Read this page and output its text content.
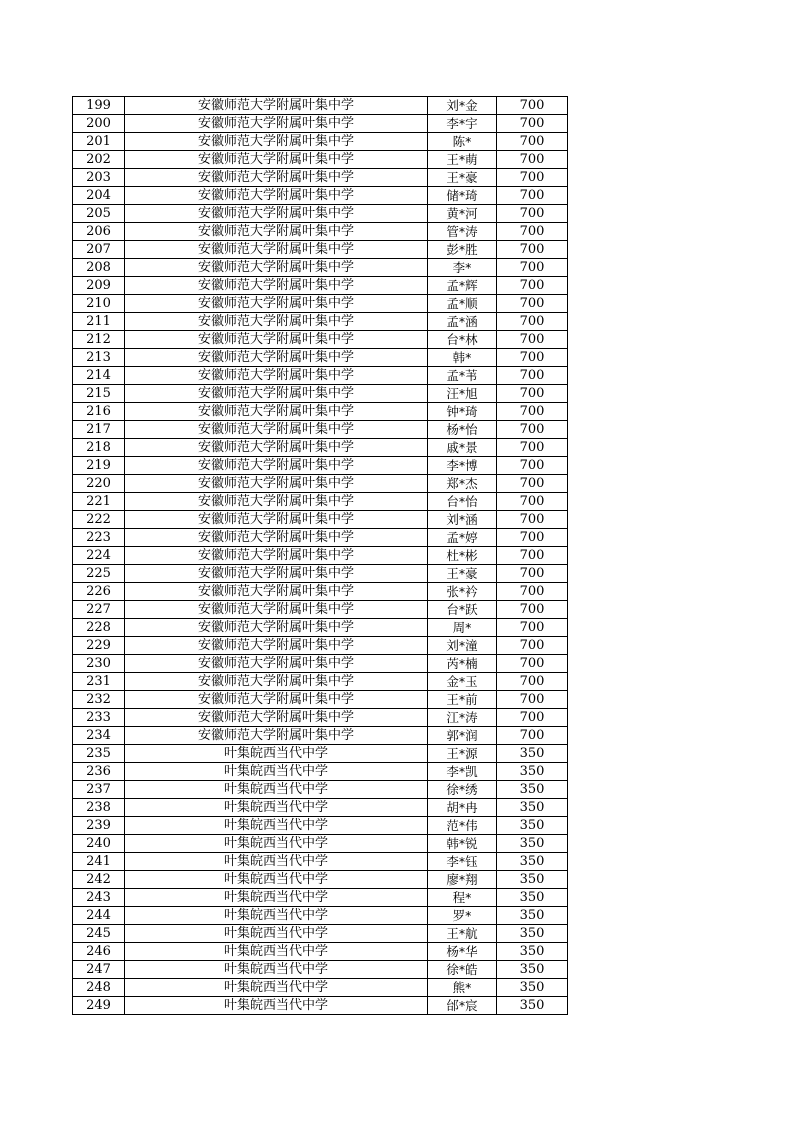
199	安徽师范大学附属叶集中学	刘*金	700
200	安徽师范大学附属叶集中学	李*宇	700
201	安徽师范大学附属叶集中学	陈*	700
202	安徽师范大学附属叶集中学	王*萌	700
203	安徽师范大学附属叶集中学	王*豪	700
204	安徽师范大学附属叶集中学	储*琦	700
205	安徽师范大学附属叶集中学	黄*河	700
206	安徽师范大学附属叶集中学	管*涛	700
207	安徽师范大学附属叶集中学	彭*胜	700
208	安徽师范大学附属叶集中学	李*	700
209	安徽师范大学附属叶集中学	孟*辉	700
210	安徽师范大学附属叶集中学	孟*顺	700
211	安徽师范大学附属叶集中学	孟*涵	700
212	安徽师范大学附属叶集中学	台*林	700
213	安徽师范大学附属叶集中学	韩*	700
214	安徽师范大学附属叶集中学	孟*苇	700
215	安徽师范大学附属叶集中学	汪*旭	700
216	安徽师范大学附属叶集中学	钟*琦	700
217	安徽师范大学附属叶集中学	杨*怡	700
218	安徽师范大学附属叶集中学	戚*景	700
219	安徽师范大学附属叶集中学	李*博	700
220	安徽师范大学附属叶集中学	郑*杰	700
221	安徽师范大学附属叶集中学	台*怡	700
222	安徽师范大学附属叶集中学	刘*涵	700
223	安徽师范大学附属叶集中学	孟*婷	700
224	安徽师范大学附属叶集中学	杜*彬	700
225	安徽师范大学附属叶集中学	王*豪	700
226	安徽师范大学附属叶集中学	张*衿	700
227	安徽师范大学附属叶集中学	台*跃	700
228	安徽师范大学附属叶集中学	周*	700
229	安徽师范大学附属叶集中学	刘*潼	700
230	安徽师范大学附属叶集中学	芮*楠	700
231	安徽师范大学附属叶集中学	金*玉	700
232	安徽师范大学附属叶集中学	王*前	700
233	安徽师范大学附属叶集中学	江*涛	700
234	安徽师范大学附属叶集中学	郭*润	700
235	叶集皖西当代中学	王*源	350
236	叶集皖西当代中学	李*凯	350
237	叶集皖西当代中学	徐*绣	350
238	叶集皖西当代中学	胡*冉	350
239	叶集皖西当代中学	范*伟	350
240	叶集皖西当代中学	韩*锐	350
241	叶集皖西当代中学	李*钰	350
242	叶集皖西当代中学	廖*翔	350
243	叶集皖西当代中学	程*	350
244	叶集皖西当代中学	罗*	350
245	叶集皖西当代中学	王*航	350
246	叶集皖西当代中学	杨*华	350
247	叶集皖西当代中学	徐*皓	350
248	叶集皖西当代中学	熊*	350
249	叶集皖西当代中学	邰*宸	350
